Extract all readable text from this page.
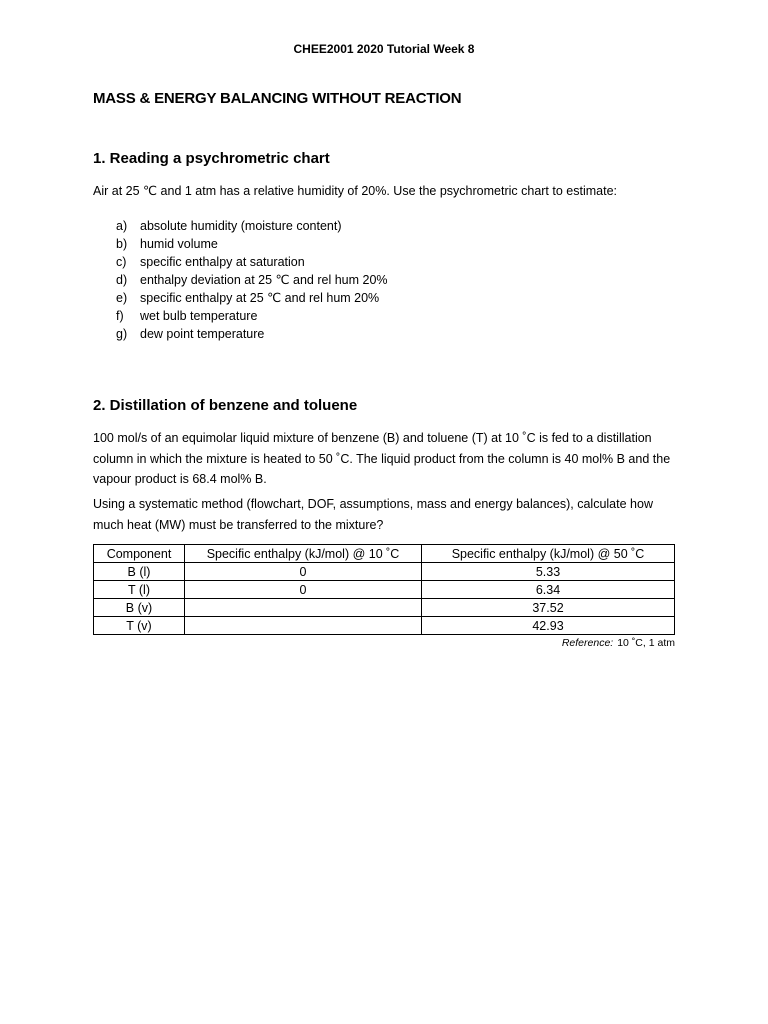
CHEE2001 2020 Tutorial Week 8
MASS & ENERGY BALANCING WITHOUT REACTION
1. Reading a psychrometric chart
Air at 25 ℃ and 1 atm has a relative humidity of 20%. Use the psychrometric chart to estimate:
a)	absolute humidity (moisture content)
b)	humid volume
c)	specific enthalpy at saturation
d)	enthalpy deviation at 25 ℃ and rel hum 20%
e)	specific enthalpy at 25 ℃ and rel hum 20%
f)	wet bulb temperature
g)	dew point temperature
2. Distillation of benzene and toluene
100 mol/s of an equimolar liquid mixture of benzene (B) and toluene (T) at 10 ˚C is fed to a distillation column in which the mixture is heated to 50 ˚C. The liquid product from the column is 40 mol% B and the vapour product is 68.4 mol% B.
Using a systematic method (flowchart, DOF, assumptions, mass and energy balances), calculate how much heat (MW) must be transferred to the mixture?
Component	Specific enthalpy (kJ/mol) @ 10 ˚C	Specific enthalpy (kJ/mol) @ 50 ˚C
B (l)	0	5.33
T (l)	0	6.34
B (v)		37.52
T (v)		42.93
Reference: 10 ˚C, 1 atm
